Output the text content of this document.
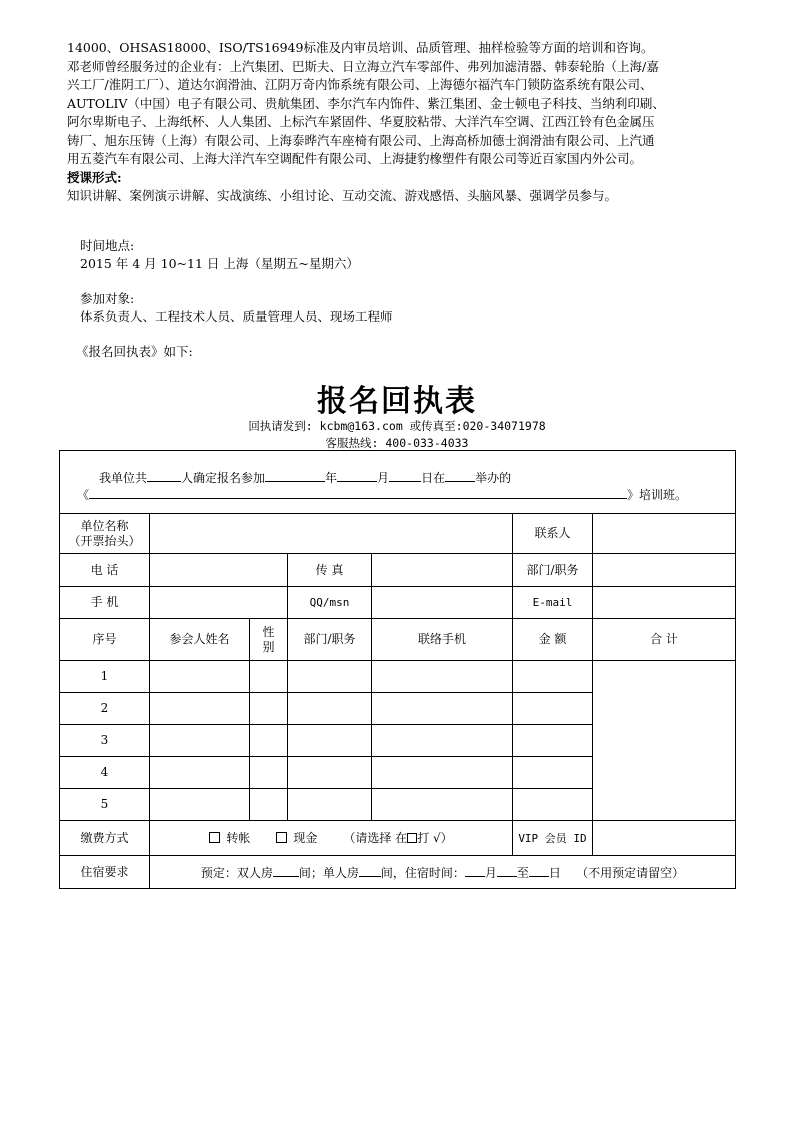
14000、OHSAS18000、ISO/TS16949标准及内审员培训、品质管理、抽样检验等方面的培训和咨询。
邓老师曾经服务过的企业有：上汽集团、巴斯夫、日立海立汽车零部件、弗列加滤清器、韩泰轮胎（上海/嘉
兴工厂/淮阴工厂）、道达尔润滑油、江阴万奇内饰系统有限公司、上海德尔福汽车门锁防盗系统有限公司、
AUTOLIV（中国）电子有限公司、贵航集团、李尔汽车内饰件、紫江集团、金士顿电子科技、当纳利印刷、
阿尔卑斯电子、上海纸杯、人人集团、上标汽车紧固件、华夏胶粘带、大洋汽车空调、江西江铃有色金属压
铸厂、旭东压铸（上海）有限公司、上海泰晔汽车座椅有限公司、上海高桥加德士润滑油有限公司、上汽通
用五菱汽车有限公司、上海大洋汽车空调配件有限公司、上海捷豹橡塑件有限公司等近百家国内外公司。
授课形式:
知识讲解、案例演示讲解、实战演练、小组讨论、互动交流、游戏感悟、头脑风暴、强调学员参与。

时间地点:

2015 年 4 月 10~11 日 上海（星期五~星期六）

参加对象:

体系负责人、工程技术人员、质量管理人员、现场工程师

《报名回执表》如下:

报名回执表

回执请发到: kcbm@163.com 或传真至:020-34071978

客服热线: 400-033-4033

我单位共 人确定报名参加 年 月 日在 举办的
《 》培训班。						

单位名称
（开票抬头）					联系人	
电 话			传 真		部门/职务	
手 机			QQ/msn		E-mail	
序号	参会人姓名	性
别	部门/职务	联络手机	金 额	合 计
1						
2						
3						
4						
5						
缴费方式	转帐 现金 （请选择 在 打 √）				VIP 会员 ID	
住宿要求	预定：双人房 间；单人房 间，住宿时间： 月 至 日 （不用预定请留空）					
